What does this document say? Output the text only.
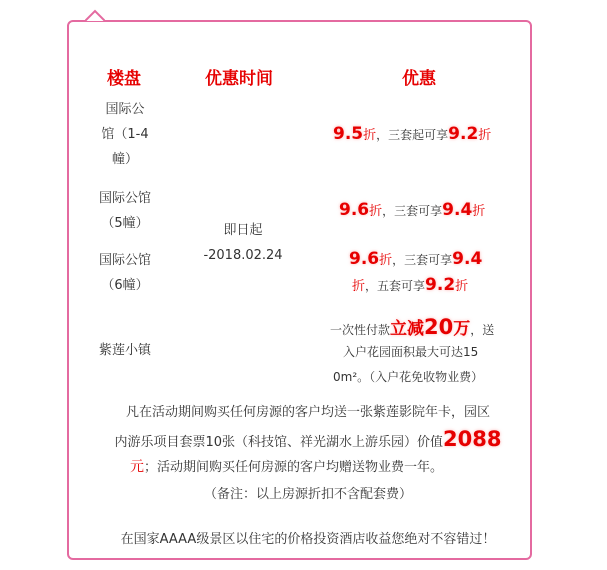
楼盘	优惠时间	优惠
国际公
馆（1-4
幢）
9.5折，三套起可享9.2折
国际公馆
（5幢）
9.6折，三套可享9.4折
即日起
-2018.02.24
国际公馆
（6幢）
9.6折，三套可享9.4
折，五套可享9.2折
紫莲小镇
一次性付款立减20万，送
入户花园面积最大可达15
0m²。（入户花免收物业费）
凡在活动期间购买任何房源的客户均送一张紫莲影院年卡，园区
内游乐项目套票10张（科技馆、祥光湖水上游乐园）价值2088
元；活动期间购买任何房源的客户均赠送物业费一年。
（备注：以上房源折扣不含配套费）
在国家AAAA级景区以住宅的价格投资酒店收益您绝对不容错过！
